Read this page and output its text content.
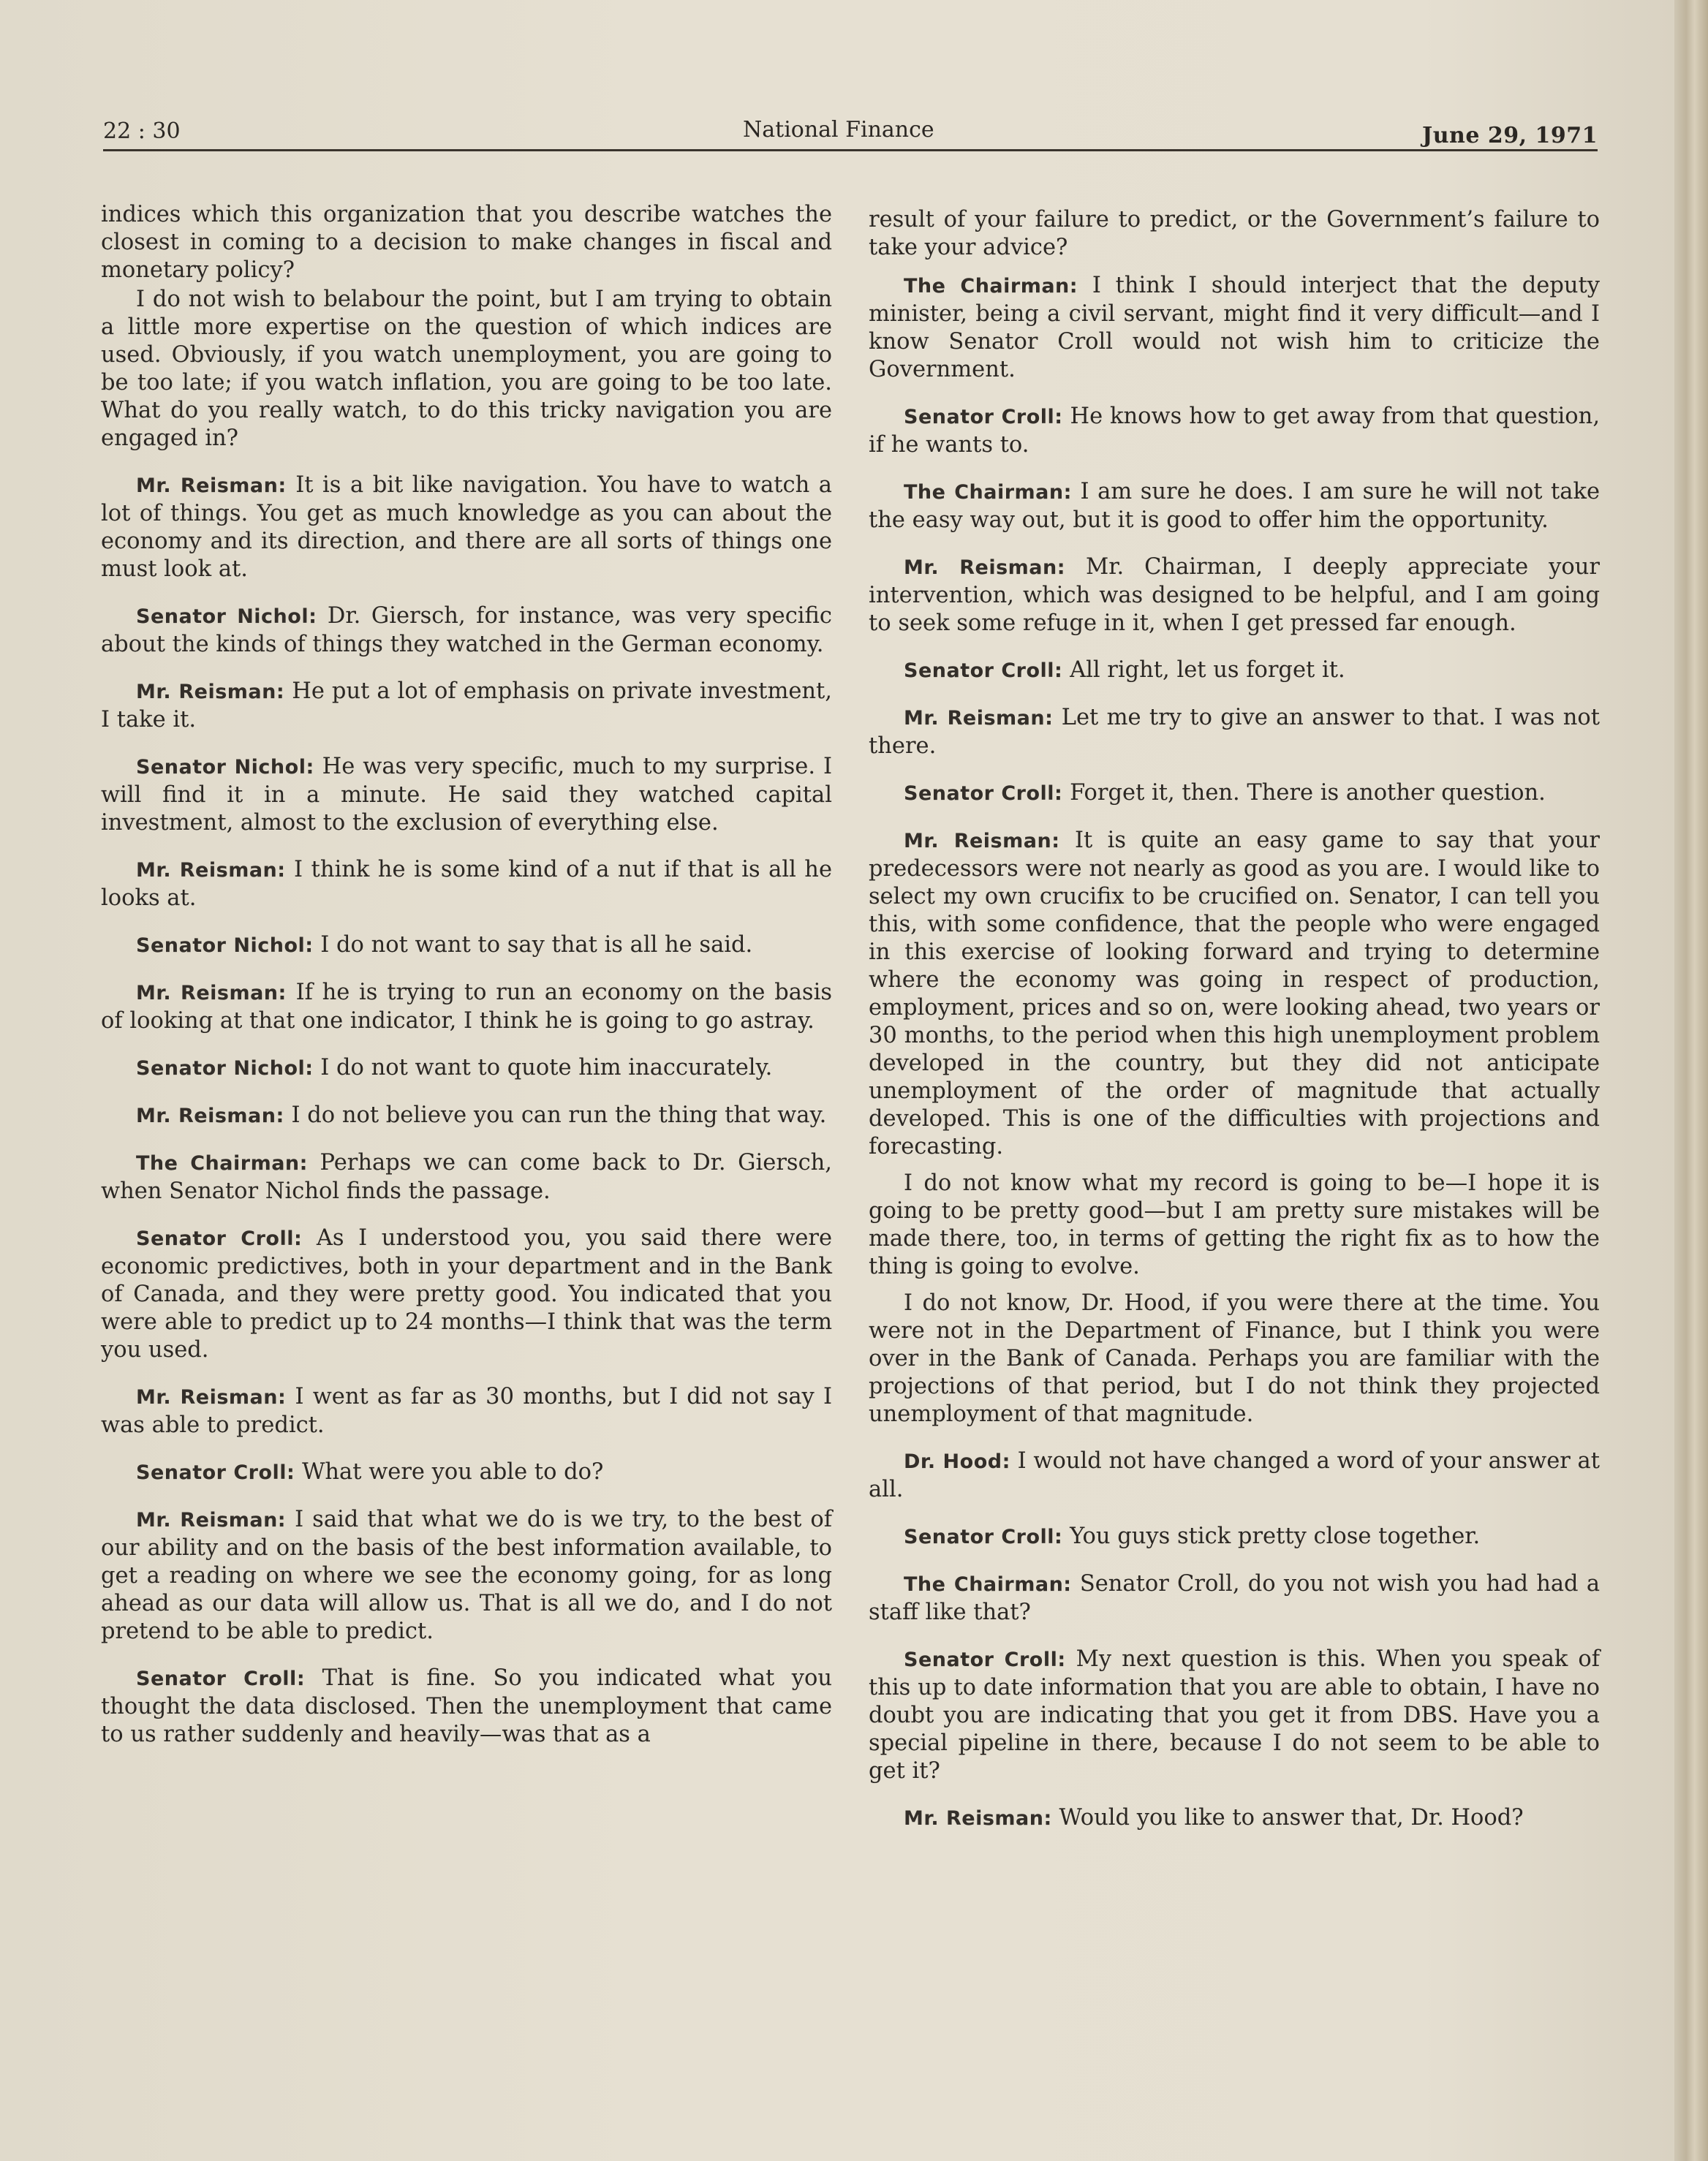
22 : 30	National Finance	June 29, 1971

indices which this organization that you describe watches the closest in coming to a decision to make changes in fiscal and monetary policy?

I do not wish to belabour the point, but I am trying to obtain a little more expertise on the question of which indices are used. Obviously, if you watch unemployment, you are going to be too late; if you watch inflation, you are going to be too late. What do you really watch, to do this tricky navigation you are engaged in?

Mr. Reisman: It is a bit like navigation. You have to watch a lot of things. You get as much knowledge as you can about the economy and its direction, and there are all sorts of things one must look at.

Senator Nichol: Dr. Giersch, for instance, was very specific about the kinds of things they watched in the German economy.

Mr. Reisman: He put a lot of emphasis on private investment, I take it.

Senator Nichol: He was very specific, much to my surprise. I will find it in a minute. He said they watched capital investment, almost to the exclusion of everything else.

Mr. Reisman: I think he is some kind of a nut if that is all he looks at.

Senator Nichol: I do not want to say that is all he said.

Mr. Reisman: If he is trying to run an economy on the basis of looking at that one indicator, I think he is going to go astray.

Senator Nichol: I do not want to quote him inaccurately.

Mr. Reisman: I do not believe you can run the thing that way.

The Chairman: Perhaps we can come back to Dr. Giersch, when Senator Nichol finds the passage.

Senator Croll: As I understood you, you said there were economic predictives, both in your department and in the Bank of Canada, and they were pretty good. You indicated that you were able to predict up to 24 months—I think that was the term you used.

Mr. Reisman: I went as far as 30 months, but I did not say I was able to predict.

Senator Croll: What were you able to do?

Mr. Reisman: I said that what we do is we try, to the best of our ability and on the basis of the best information available, to get a reading on where we see the economy going, for as long ahead as our data will allow us. That is all we do, and I do not pretend to be able to predict.

Senator Croll: That is fine. So you indicated what you thought the data disclosed. Then the unemployment that came to us rather suddenly and heavily—was that as a

result of your failure to predict, or the Government’s failure to take your advice?

The Chairman: I think I should interject that the deputy minister, being a civil servant, might find it very difficult—and I know Senator Croll would not wish him to criticize the Government.

Senator Croll: He knows how to get away from that question, if he wants to.

The Chairman: I am sure he does. I am sure he will not take the easy way out, but it is good to offer him the opportunity.

Mr. Reisman: Mr. Chairman, I deeply appreciate your intervention, which was designed to be helpful, and I am going to seek some refuge in it, when I get pressed far enough.

Senator Croll: All right, let us forget it.

Mr. Reisman: Let me try to give an answer to that. I was not there.

Senator Croll: Forget it, then. There is another question.

Mr. Reisman: It is quite an easy game to say that your predecessors were not nearly as good as you are. I would like to select my own crucifix to be crucified on. Senator, I can tell you this, with some confidence, that the people who were engaged in this exercise of looking forward and trying to determine where the economy was going in respect of production, employment, prices and so on, were looking ahead, two years or 30 months, to the period when this high unemployment problem developed in the country, but they did not anticipate unemployment of the order of magnitude that actually developed. This is one of the difficulties with projections and forecasting.

I do not know what my record is going to be—I hope it is going to be pretty good—but I am pretty sure mistakes will be made there, too, in terms of getting the right fix as to how the thing is going to evolve.

I do not know, Dr. Hood, if you were there at the time. You were not in the Department of Finance, but I think you were over in the Bank of Canada. Perhaps you are familiar with the projections of that period, but I do not think they projected unemployment of that magnitude.

Dr. Hood: I would not have changed a word of your answer at all.

Senator Croll: You guys stick pretty close together.

The Chairman: Senator Croll, do you not wish you had had a staff like that?

Senator Croll: My next question is this. When you speak of this up to date information that you are able to obtain, I have no doubt you are indicating that you get it from DBS. Have you a special pipeline in there, because I do not seem to be able to get it?

Mr. Reisman: Would you like to answer that, Dr. Hood?
